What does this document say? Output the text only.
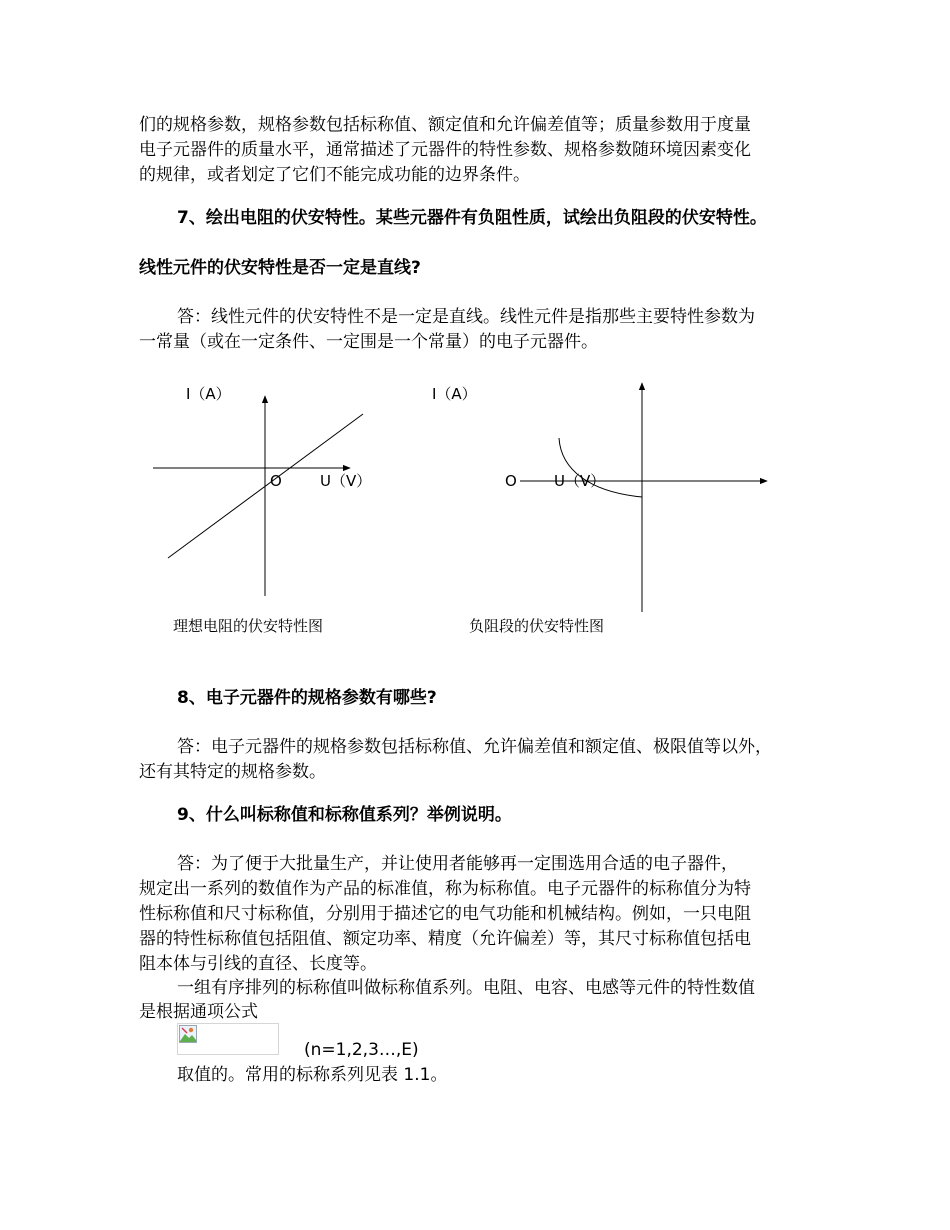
们的规格参数，规格参数包括标称值、额定值和允许偏差值等；质量参数用于度量
电子元器件的质量水平，通常描述了元器件的特性参数、规格参数随环境因素变化
的规律，或者划定了它们不能完成功能的边界条件。
7、绘出电阻的伏安特性。某些元器件有负阻性质，试绘出负阻段的伏安特性。
线性元件的伏安特性是否一定是直线?
答：线性元件的伏安特性不是一定是直线。线性元件是指那些主要特性参数为
一常量（或在一定条件、一定围是一个常量）的电子元器件。
I（A）
O	U（V）
I（A）
O U（V）
理想电阻的伏安特性图	负阻段的伏安特性图
8、电子元器件的规格参数有哪些?
答：电子元器件的规格参数包括标称值、允许偏差值和额定值、极限值等以外，
还有其特定的规格参数。
9、什么叫标称值和标称值系列？举例说明。
答：为了便于大批量生产，并让使用者能够再一定围选用合适的电子器件，
规定出一系列的数值作为产品的标准值，称为标称值。电子元器件的标称值分为特
性标称值和尺寸标称值，分别用于描述它的电气功能和机械结构。例如，一只电阻
器的特性标称值包括阻值、额定功率、精度（允许偏差）等，其尺寸标称值包括电
阻本体与引线的直径、长度等。
一组有序排列的标称值叫做标称值系列。电阻、电容、电感等元件的特性数值
是根据通项公式
(n=1,2,3…,E)
取值的。常用的标称系列见表 1.1。
